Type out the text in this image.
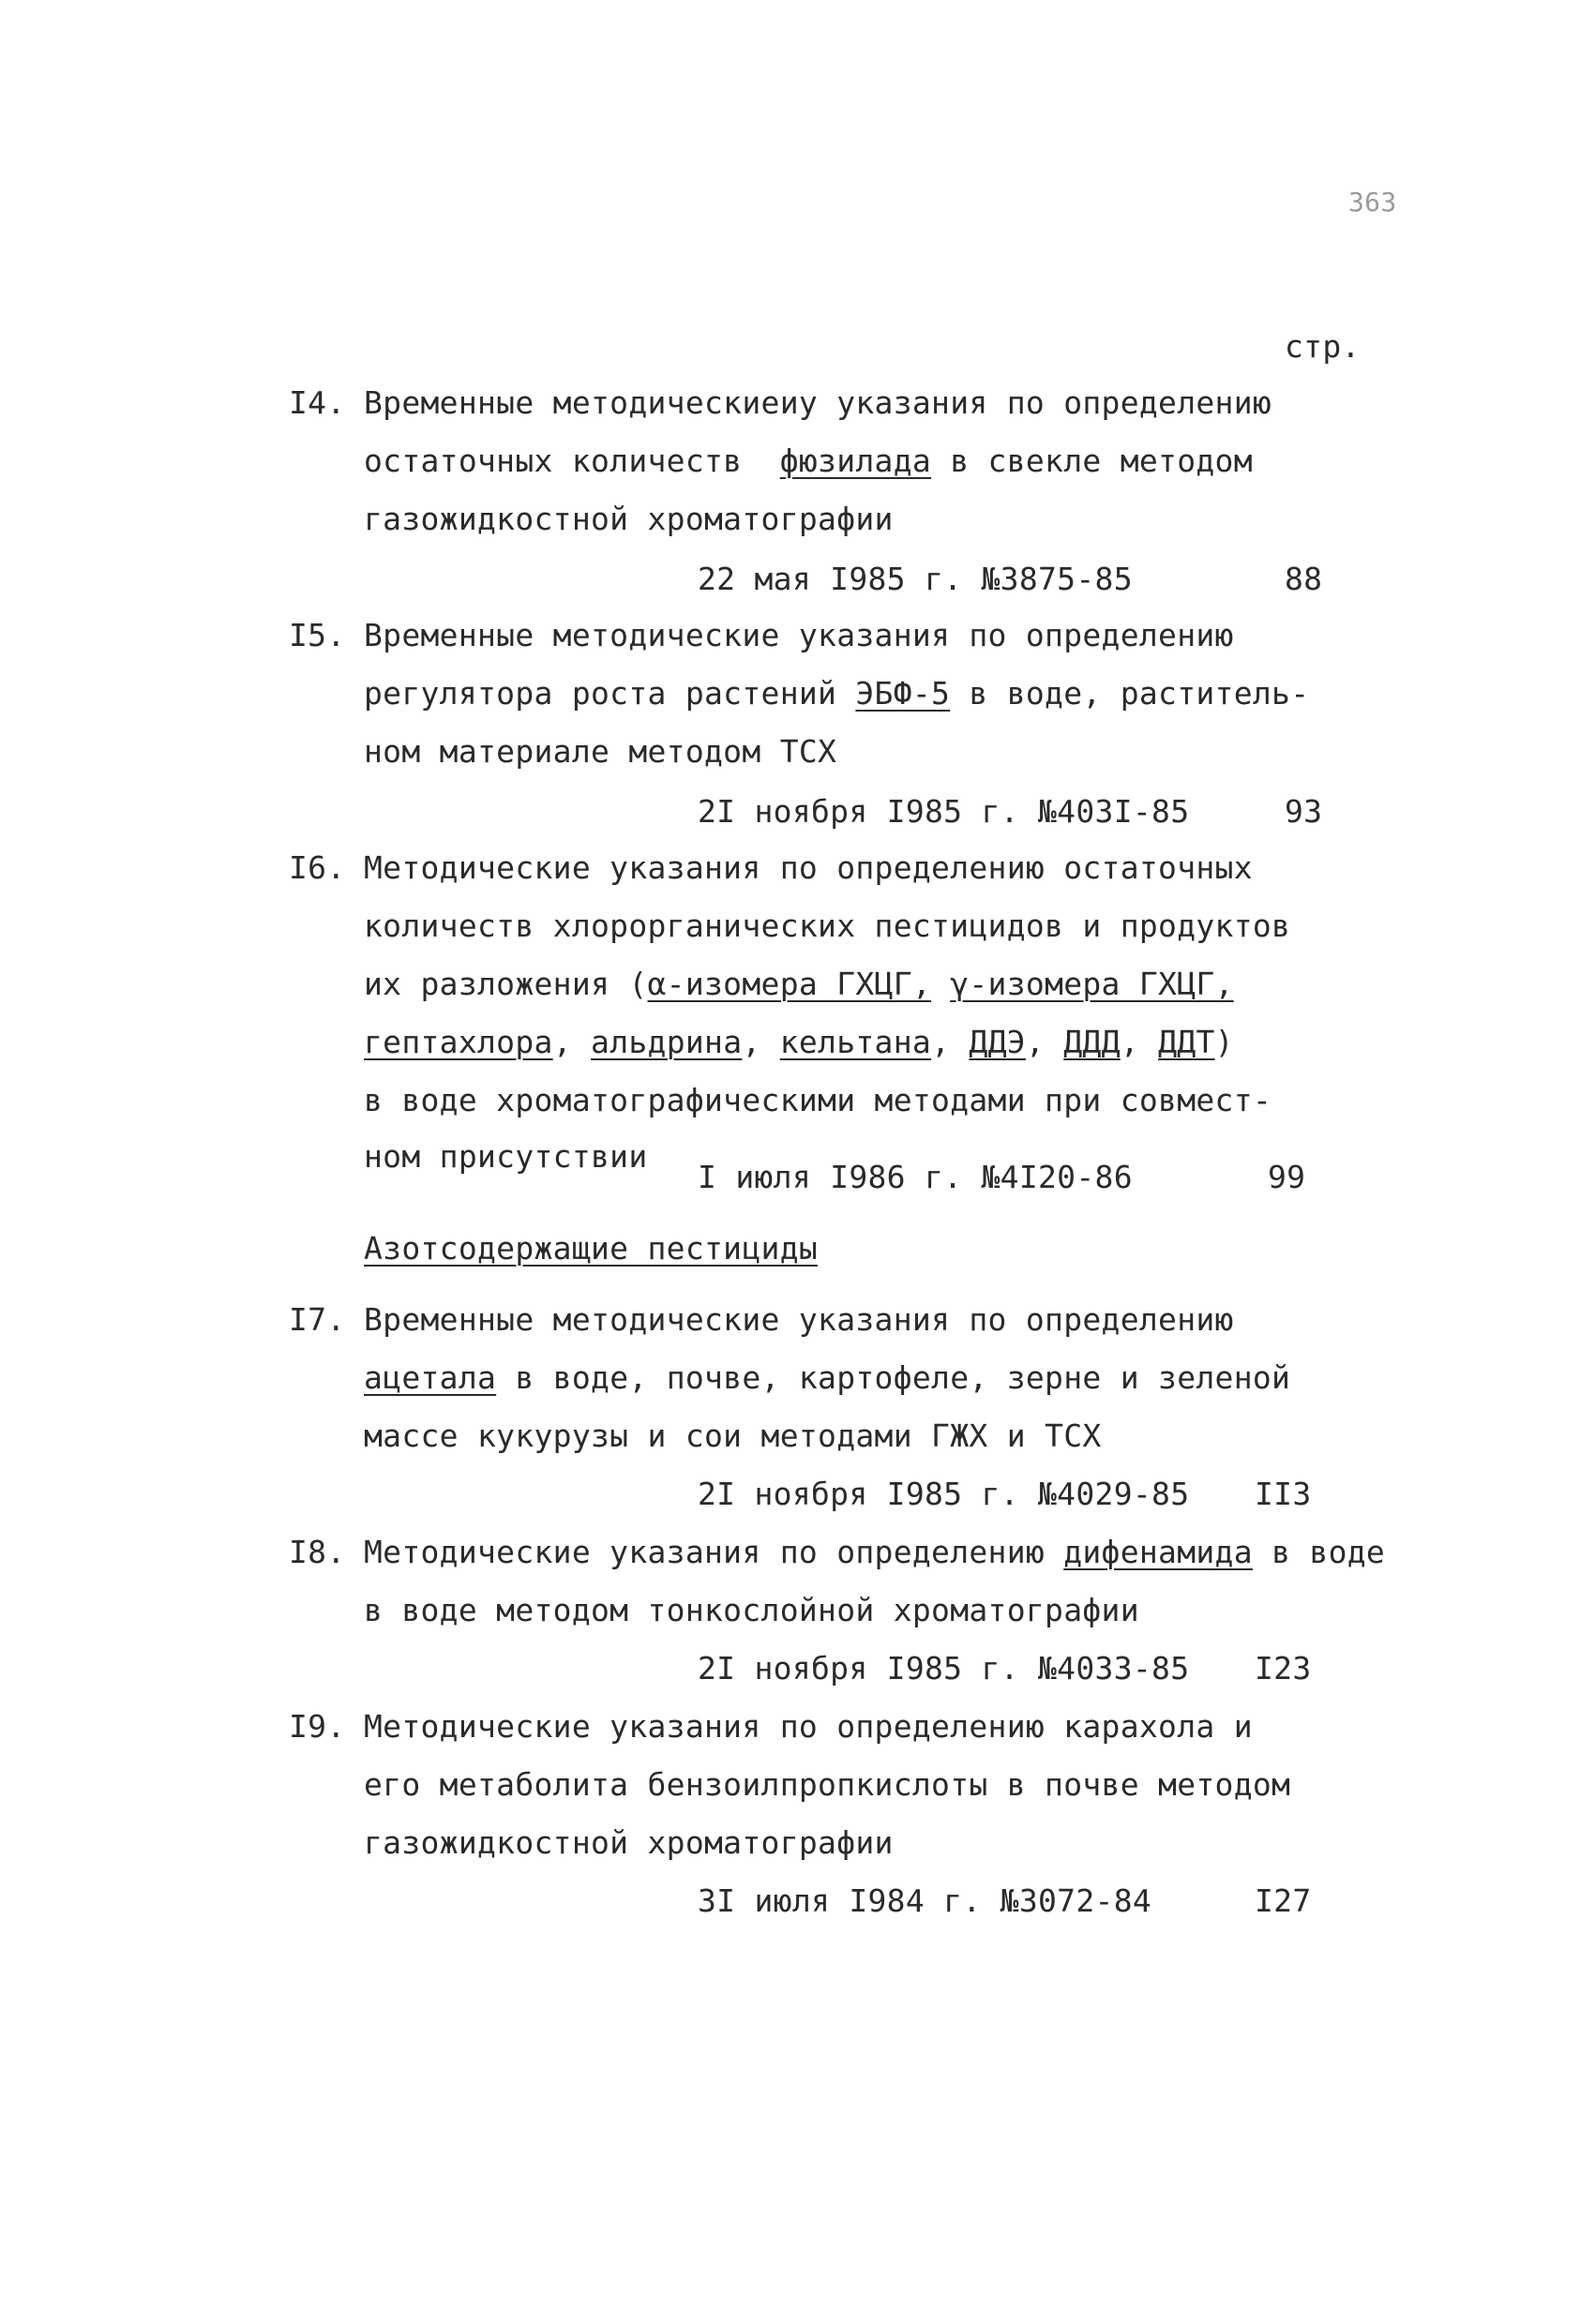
363
стр.
I4. Временные методическиеиу указания по определению
остаточных количеств  фюзилада в свекле методом
газожидкостной хроматографии
22 мая I985 г. №3875-85	88
I5. Временные методические указания по определению
регулятора роста растений ЭБФ-5 в воде, раститель-
ном материале методом ТСХ
2I ноября I985 г. №403I-85	93
I6. Методические указания по определению остаточных
количеств хлорорганических пестицидов и продуктов
их разложения (α-изомера ГХЦГ, γ-изомера ГХЦГ,
гептахлора, альдрина, кельтана, ДДЭ, ДДД, ДДТ)
в воде хроматографическими методами при совмест-
ном присутствии
I июля I986 г. №4I20-86	99
Азотсодержащие пестициды
I7. Временные методические указания по определению
ацетала в воде, почве, картофеле, зерне и зеленой
массе кукурузы и сои методами ГЖХ и ТСХ
2I ноября I985 г. №4029-85 II3
I8. Методические указания по определению дифенамида в воде
в воде методом тонкослойной хроматографии
2I ноября I985 г. №4033-85 I23
I9. Методические указания по определению карахола и
его метаболита бензоилпропкислоты в почве методом
газожидкостной хроматографии
3I июля I984 г. №3072-84	I27
